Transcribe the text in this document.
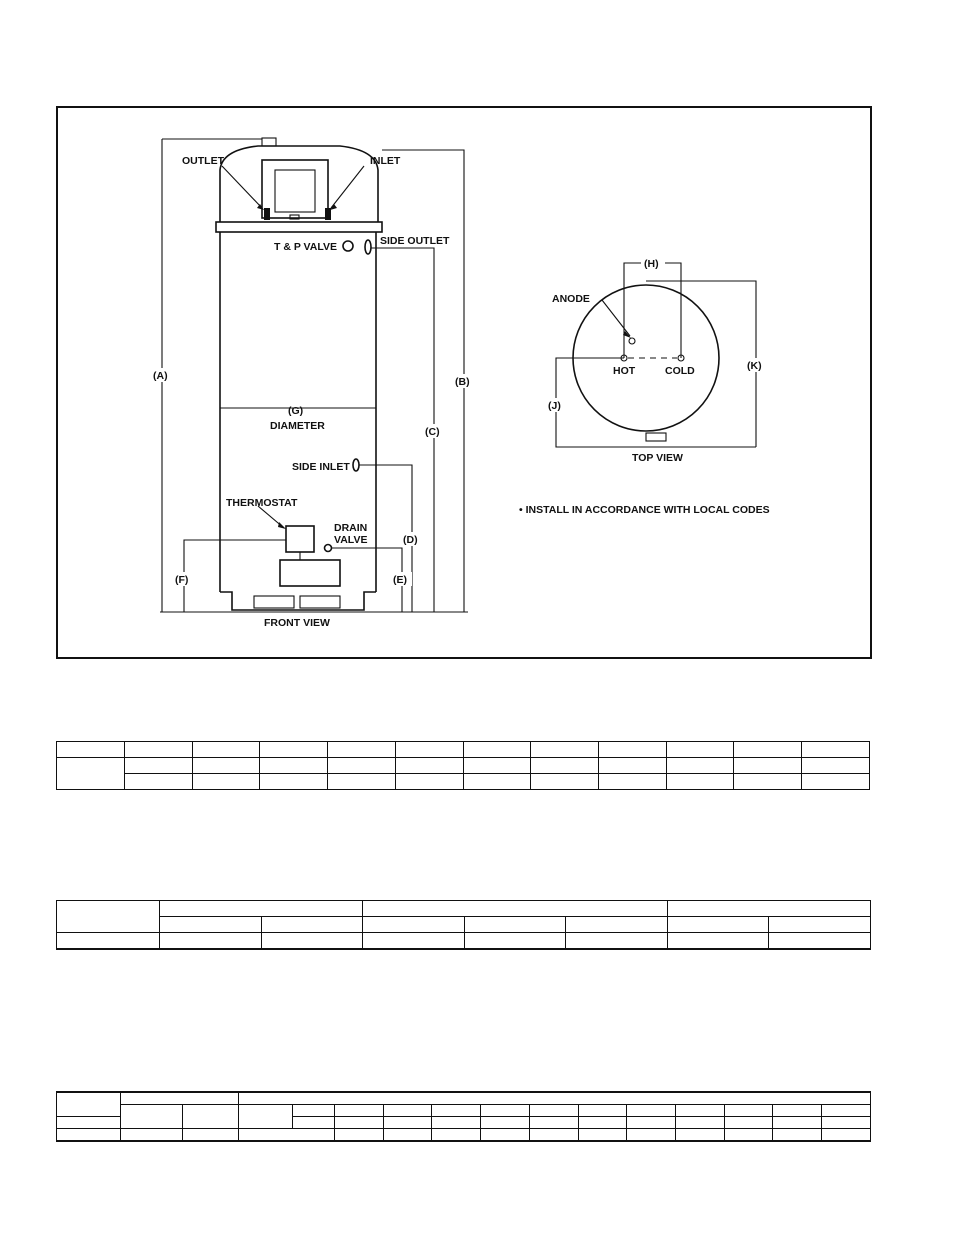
OUTLET	INLET
T & P VALVE	SIDE OUTLET
(G)
DIAMETER
SIDE INLET
THERMOSTAT
DRAIN
VALVE
FRONT VIEW
(A)	(B)
(C)
(D)
(E)
(F)
(H)
(J)
(K)
ANODE
HOT	COLD
TOP VIEW
• INSTALL IN ACCORDANCE WITH LOCAL CODES
